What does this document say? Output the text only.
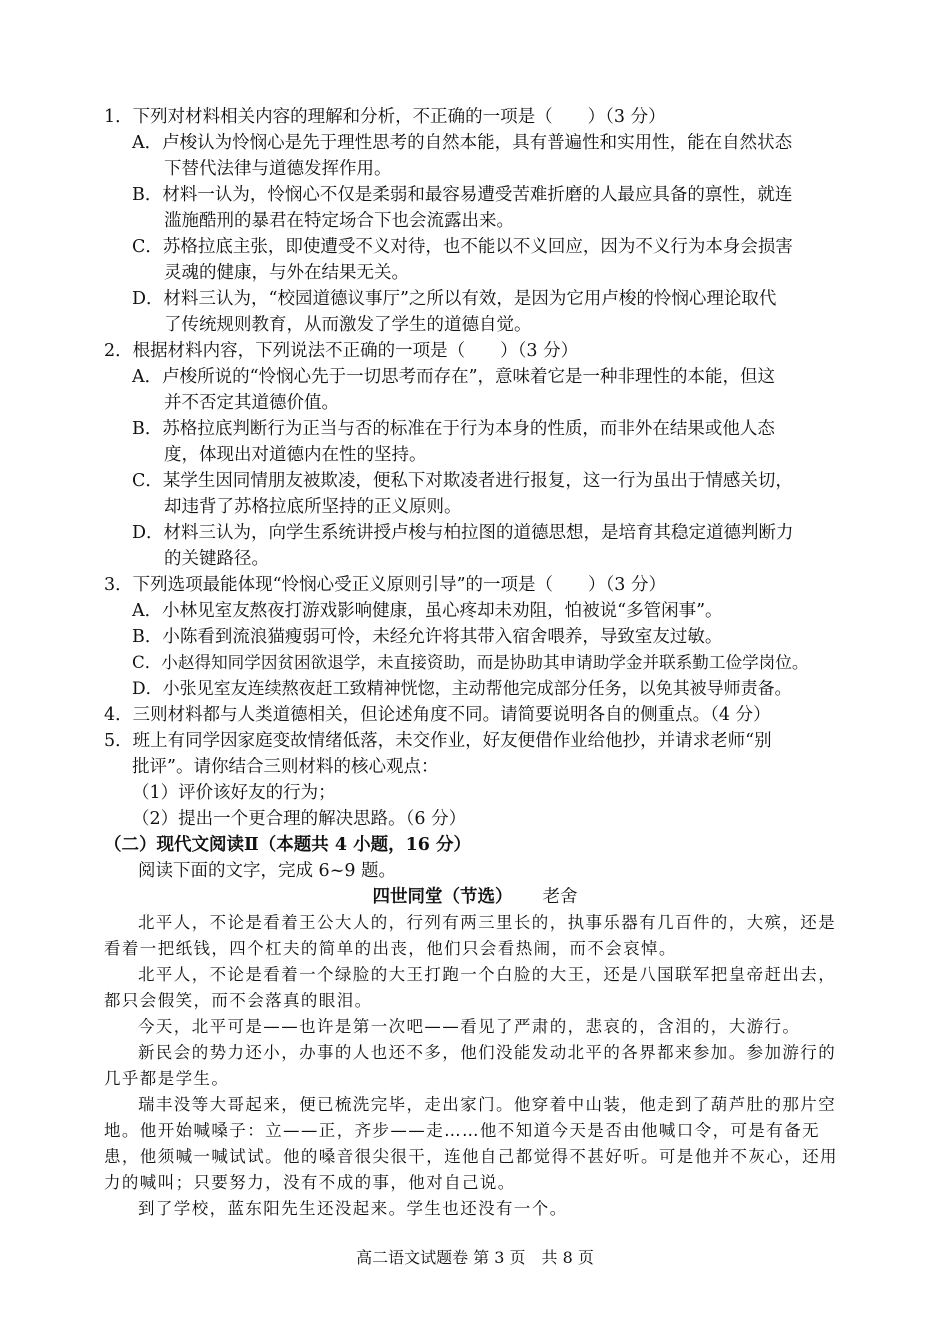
1．下列对材料相关内容的理解和分析，不正确的一项是（　　）（3 分）
A．卢梭认为怜悯心是先于理性思考的自然本能，具有普遍性和实用性，能在自然状态
下替代法律与道德发挥作用。
B．材料一认为，怜悯心不仅是柔弱和最容易遭受苦难折磨的人最应具备的禀性，就连
滥施酷刑的暴君在特定场合下也会流露出来。
C．苏格拉底主张，即使遭受不义对待，也不能以不义回应，因为不义行为本身会损害
灵魂的健康，与外在结果无关。
D．材料三认为，“校园道德议事厅”之所以有效，是因为它用卢梭的怜悯心理论取代
了传统规则教育，从而激发了学生的道德自觉。
2．根据材料内容，下列说法不正确的一项是（　　）（3 分）
A．卢梭所说的“怜悯心先于一切思考而存在”，意味着它是一种非理性的本能，但这
并不否定其道德价值。
B．苏格拉底判断行为正当与否的标准在于行为本身的性质，而非外在结果或他人态
度，体现出对道德内在性的坚持。
C．某学生因同情朋友被欺凌，便私下对欺凌者进行报复，这一行为虽出于情感关切，
却违背了苏格拉底所坚持的正义原则。
D．材料三认为，向学生系统讲授卢梭与柏拉图的道德思想，是培育其稳定道德判断力
的关键路径。
3．下列选项最能体现“怜悯心受正义原则引导”的一项是（　　）（3 分）
A．小林见室友熬夜打游戏影响健康，虽心疼却未劝阻，怕被说“多管闲事”。
B．小陈看到流浪猫瘦弱可怜，未经允许将其带入宿舍喂养，导致室友过敏。
C．小赵得知同学因贫困欲退学，未直接资助，而是协助其申请助学金并联系勤工俭学岗位。
D．小张见室友连续熬夜赶工致精神恍惚，主动帮他完成部分任务，以免其被导师责备。
4．三则材料都与人类道德相关，但论述角度不同。请简要说明各自的侧重点。（4 分）
5．班上有同学因家庭变故情绪低落，未交作业，好友便借作业给他抄，并请求老师“别
批评”。请你结合三则材料的核心观点：
（1）评价该好友的行为；
（2）提出一个更合理的解决思路。（6 分）
（二）现代文阅读Ⅱ（本题共 4 小题，16 分）
阅读下面的文字，完成 6~9 题。
四世同堂（节选） 老舍
北平人，不论是看着王公大人的，行列有两三里长的，执事乐器有几百件的，大殡，还是看着一把纸钱，四个杠夫的简单的出丧，他们只会看热闹，而不会哀悼。
北平人，不论是看着一个绿脸的大王打跑一个白脸的大王，还是八国联军把皇帝赶出去，都只会假笑，而不会落真的眼泪。
今天，北平可是——也许是第一次吧——看见了严肃的，悲哀的，含泪的，大游行。
新民会的势力还小，办事的人也还不多，他们没能发动北平的各界都来参加。参加游行的几乎都是学生。
瑞丰没等大哥起来，便已梳洗完毕，走出家门。他穿着中山装，他走到了葫芦肚的那片空地。他开始喊嗓子：立——正，齐步——走……他不知道今天是否由他喊口令，可是有备无患，他须喊一喊试试。他的嗓音很尖很干，连他自己都觉得不甚好听。可是他并不灰心，还用力的喊叫；只要努力，没有不成的事，他对自己说。
到了学校，蓝东阳先生还没起来。学生也还没有一个。
高二语文试题卷 第 3 页　共 8 页
